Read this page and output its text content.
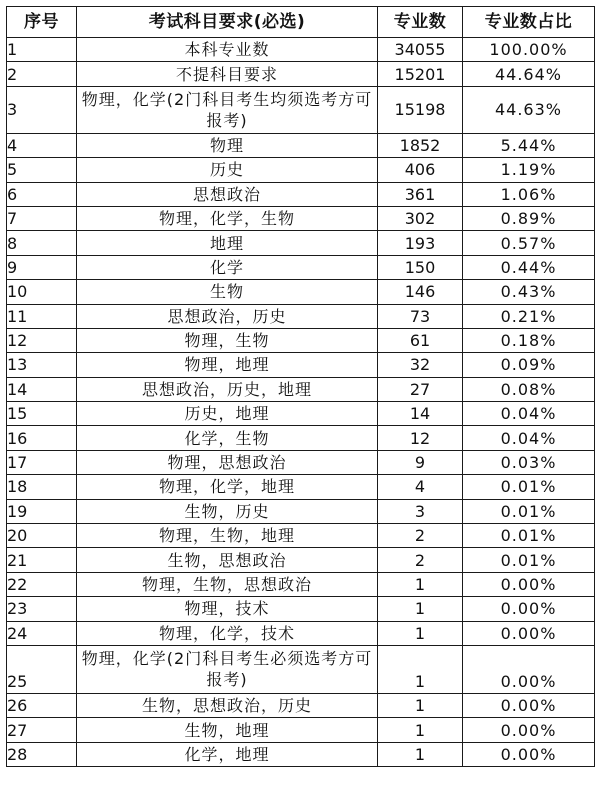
序号	考试科目要求(必选)	专业数	专业数占比
1	本科专业数	34055	100.00%
2	不提科目要求	15201	44.64%
3	物理，化学(2门科目考生均须选考方可报考)	15198	44.63%
4	物理	1852	5.44%
5	历史	406	1.19%
6	思想政治	361	1.06%
7	物理，化学，生物	302	0.89%
8	地理	193	0.57%
9	化学	150	0.44%
10	生物	146	0.43%
11	思想政治，历史	73	0.21%
12	物理，生物	61	0.18%
13	物理，地理	32	0.09%
14	思想政治，历史，地理	27	0.08%
15	历史，地理	14	0.04%
16	化学，生物	12	0.04%
17	物理，思想政治	9	0.03%
18	物理，化学，地理	4	0.01%
19	生物，历史	3	0.01%
20	物理，生物，地理	2	0.01%
21	生物，思想政治	2	0.01%
22	物理，生物，思想政治	1	0.00%
23	物理，技术	1	0.00%
24	物理，化学，技术	1	0.00%
25	物理，化学(2门科目考生必须选考方可报考)	1	0.00%
26	生物，思想政治，历史	1	0.00%
27	生物，地理	1	0.00%
28	化学，地理	1	0.00%
